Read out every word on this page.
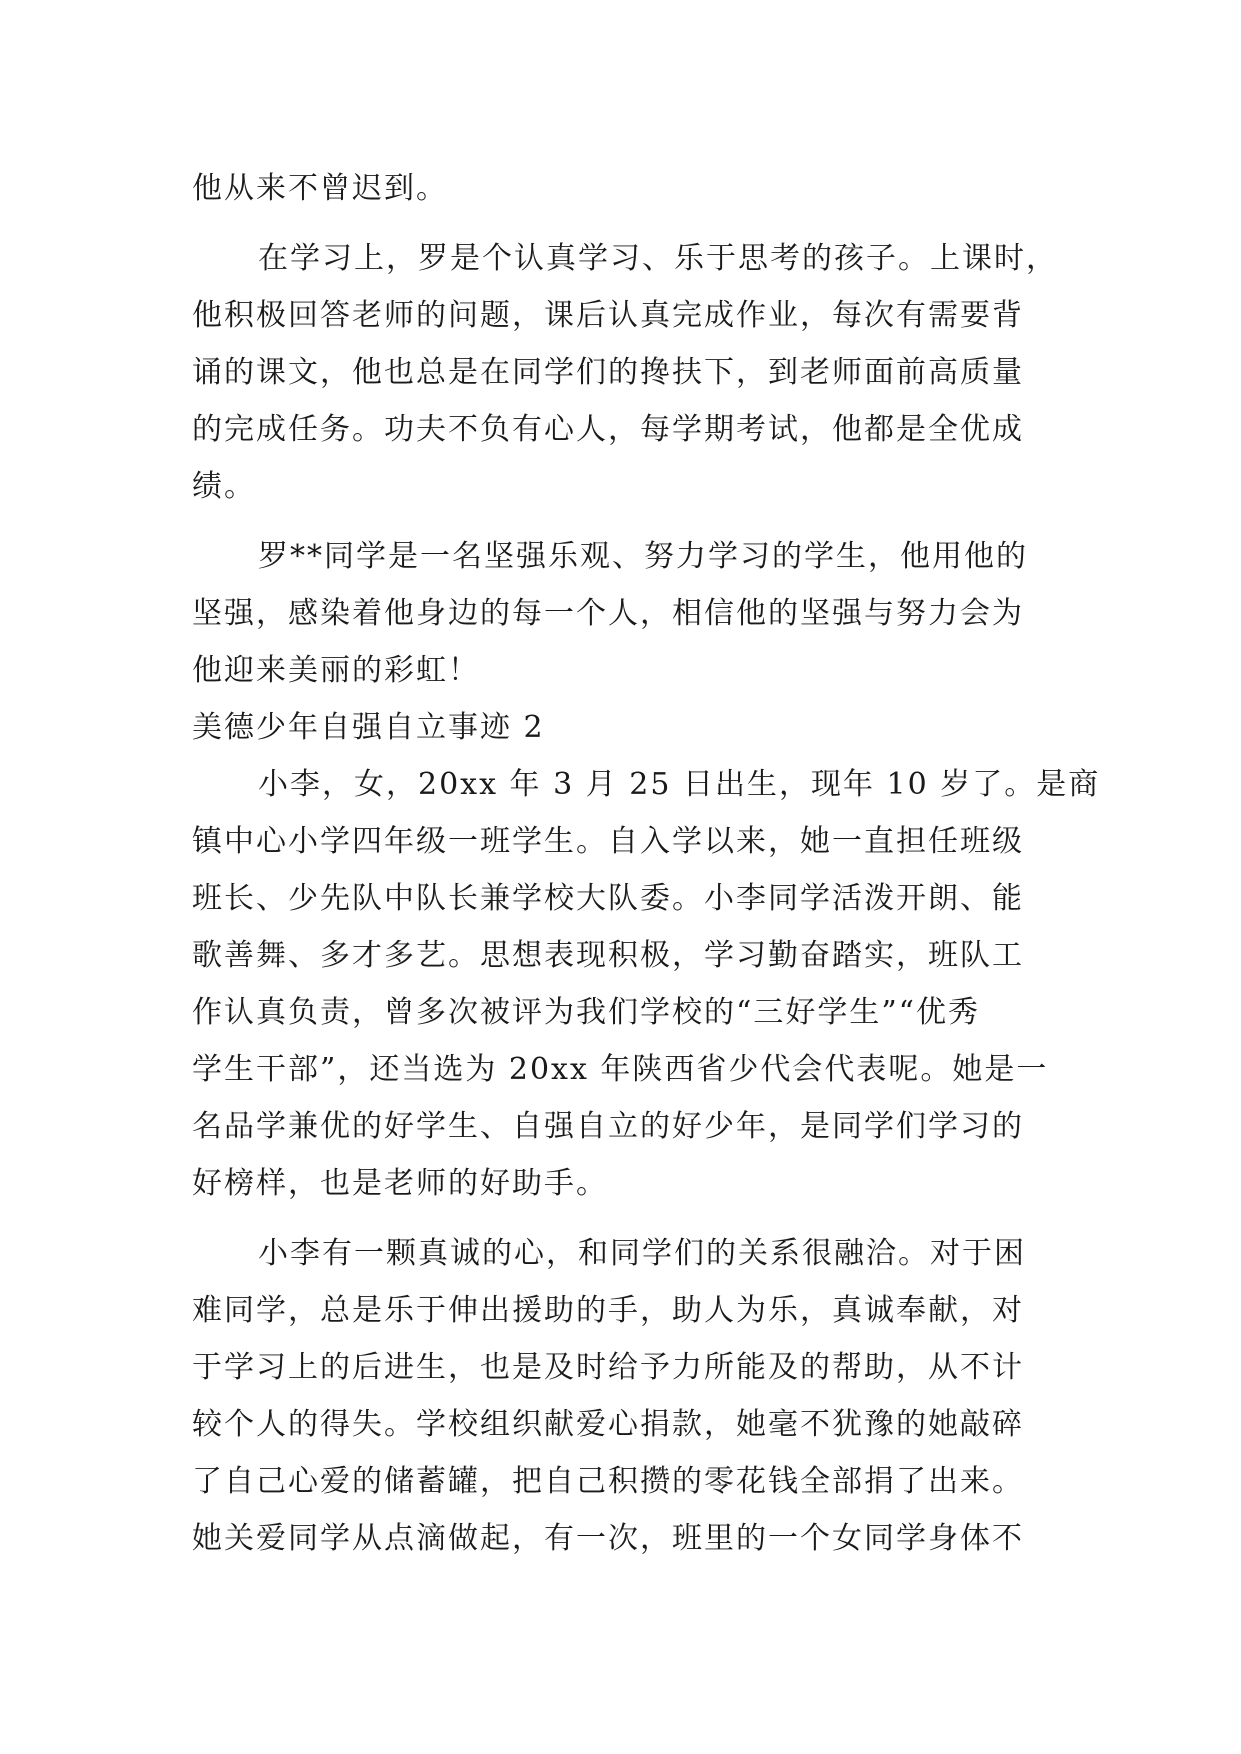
他从来不曾迟到。
在学习上，罗是个认真学习、乐于思考的孩子。上课时，
他积极回答老师的问题，课后认真完成作业，每次有需要背
诵的课文，他也总是在同学们的搀扶下，到老师面前高质量
的完成任务。功夫不负有心人，每学期考试，他都是全优成
绩。
罗**同学是一名坚强乐观、努力学习的学生，他用他的
坚强，感染着他身边的每一个人，相信他的坚强与努力会为
他迎来美丽的彩虹！
美德少年自强自立事迹 2
小李，女，20xx 年 3 月 25 日出生，现年 10 岁了。是商
镇中心小学四年级一班学生。自入学以来，她一直担任班级
班长、少先队中队长兼学校大队委。小李同学活泼开朗、能
歌善舞、多才多艺。思想表现积极，学习勤奋踏实，班队工
作认真负责，曾多次被评为我们学校的“三好学生”“优秀
学生干部”，还当选为 20xx 年陕西省少代会代表呢。她是一
名品学兼优的好学生、自强自立的好少年，是同学们学习的
好榜样，也是老师的好助手。
小李有一颗真诚的心，和同学们的关系很融洽。对于困
难同学，总是乐于伸出援助的手，助人为乐，真诚奉献，对
于学习上的后进生，也是及时给予力所能及的帮助，从不计
较个人的得失。学校组织献爱心捐款，她毫不犹豫的她敲碎
了自己心爱的储蓄罐，把自己积攒的零花钱全部捐了出来。
她关爱同学从点滴做起，有一次，班里的一个女同学身体不
